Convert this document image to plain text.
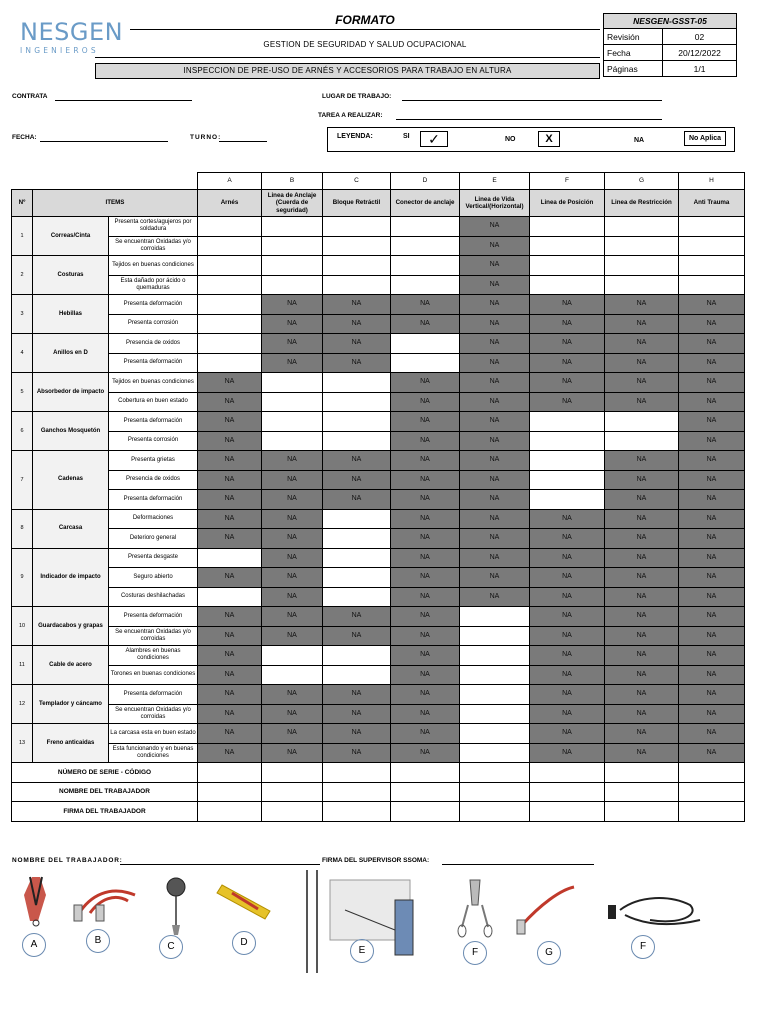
NESGEN
INGENIEROS
FORMATO
GESTION DE SEGURIDAD Y SALUD OCUPACIONAL
INSPECCION DE PRE-USO DE ARNÉS Y ACCESORIOS PARA TRABAJO EN ALTURA
NESGEN-GSST-05	
Revisión	02
Fecha	20/12/2022
Páginas	1/1
CONTRATA	LUGAR DE TRABAJO:
TAREA A REALIZAR:
FECHA:	TURNO:	LEYENDA:	SI	✓	NO	X	NA	No Aplica
			A	B	C	D	E	F	G	H
Nº	ITEMS		Arnés	Linea de Anclaje (Cuerda de seguridad)	Bloque Retráctil	Conector de anclaje	Linea de Vida Vertical/(Horizontal)	Linea de Posición	Linea de Restricción	Anti Trauma
1	Correas/Cinta	Presenta cortes/agujeros por soldadura					NA			
		Se encuentran Oxidadas y/o corroidas					NA			
2	Costuras	Tejidos en buenas condiciones					NA			
		Esta dañado por ácido o quemaduras					NA			
3	Hebillas	Presenta deformación		NA	NA	NA	NA	NA	NA	NA
		Presenta corrosión		NA	NA	NA	NA	NA	NA	NA
4	Anillos en D	Presencia de oxidos		NA	NA		NA	NA	NA	NA
		Presenta deformación		NA	NA		NA	NA	NA	NA
5	Absorbedor de impacto	Tejidos en buenas condiciones	NA			NA	NA	NA	NA	NA
		Cobertura en buen estado	NA			NA	NA	NA	NA	NA
6	Ganchos Mosquetón	Presenta deformación	NA			NA	NA			NA
		Presenta corrosión	NA			NA	NA			NA
7	Cadenas	Presenta grietas	NA	NA	NA	NA	NA		NA	NA
		Presencia de oxidos	NA	NA	NA	NA	NA		NA	NA
		Presenta deformación	NA	NA	NA	NA	NA		NA	NA
8	Carcasa	Deformaciones	NA	NA		NA	NA	NA	NA	NA
		Deterioro general	NA	NA		NA	NA	NA	NA	NA
9	Indicador de impacto	Presenta desgaste		NA		NA	NA	NA	NA	NA
		Seguro abierto	NA	NA		NA	NA	NA	NA	NA
		Costuras deshilachadas		NA		NA	NA	NA	NA	NA
10	Guardacabos y grapas	Presenta deformación	NA	NA	NA	NA		NA	NA	NA
		Se encuentran Oxidadas y/o corroidas	NA	NA	NA	NA		NA	NA	NA
11	Cable de acero	Alambres en buenas condiciones	NA			NA		NA	NA	NA
		Torones en buenas condiciones	NA			NA		NA	NA	NA
12	Templador y cáncamo	Presenta deformación	NA	NA	NA	NA		NA	NA	NA
		Se encuentran Oxidadas y/o corroidas	NA	NA	NA	NA		NA	NA	NA
13	Freno anticaidas	La carcasa esta en buen estado	NA	NA	NA	NA		NA	NA	NA
		Esta funcionando y en buenas condiciones	NA	NA	NA	NA		NA	NA	NA
NÚMERO DE SERIE - CÓDIGO										
NOMBRE DEL TRABAJADOR										
FIRMA DEL TRABAJADOR										
NOMBRE DEL TRABAJADOR:	FIRMA DEL SUPERVISOR SSOMA:
A	B
C	D
E	F	G
F
